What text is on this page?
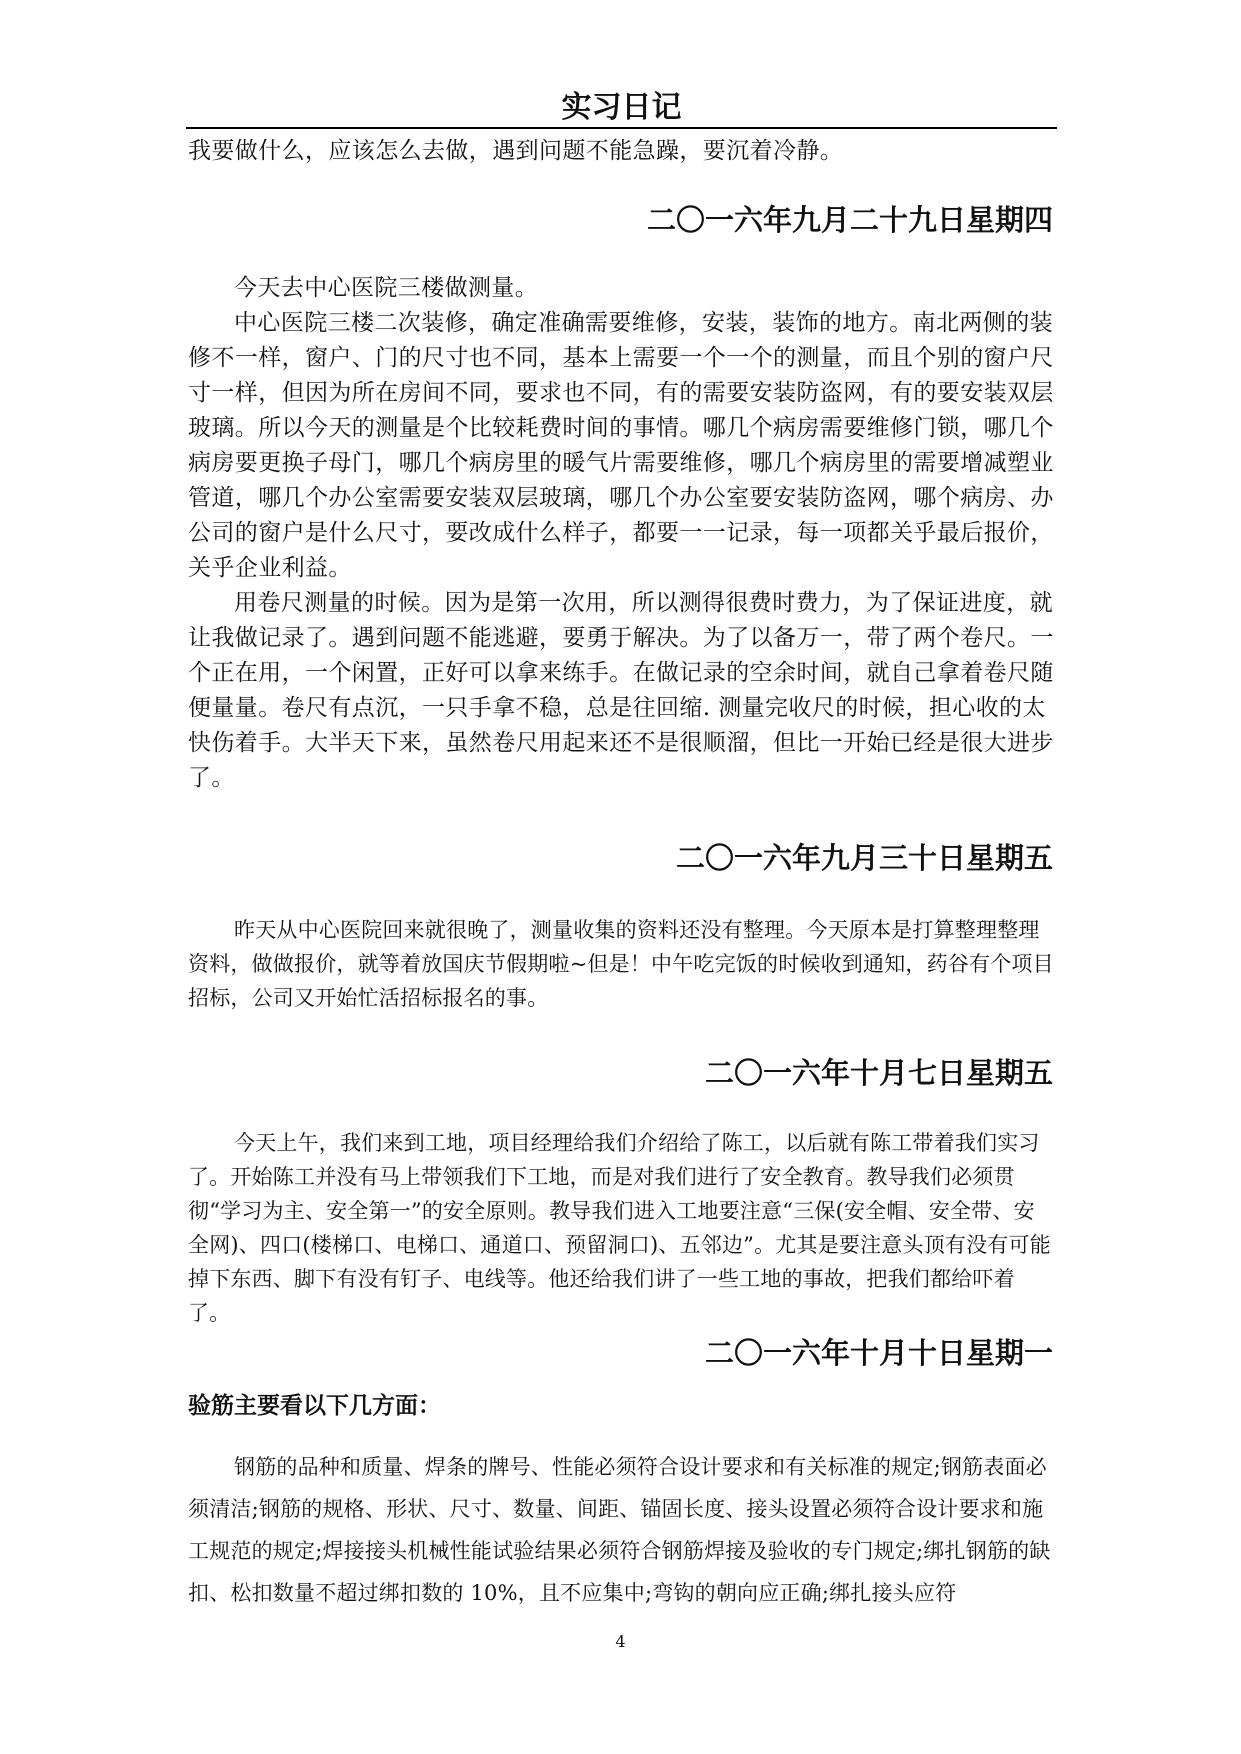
实习日记

我要做什么，应该怎么去做，遇到问题不能急躁，要沉着冷静。

二〇一六年九月二十九日星期四

今天去中心医院三楼做测量。

中心医院三楼二次装修，确定准确需要维修，安装，装饰的地方。南北两侧的装修不一样，窗户、门的尺寸也不同，基本上需要一个一个的测量，而且个别的窗户尺寸一样，但因为所在房间不同，要求也不同，有的需要安装防盗网，有的要安装双层玻璃。所以今天的测量是个比较耗费时间的事情。哪几个病房需要维修门锁，哪几个病房要更换子母门，哪几个病房里的暖气片需要维修，哪几个病房里的需要增减塑业管道，哪几个办公室需要安装双层玻璃，哪几个办公室要安装防盗网，哪个病房、办公司的窗户是什么尺寸，要改成什么样子，都要一一记录，每一项都关乎最后报价，关乎企业利益。

用卷尺测量的时候。因为是第一次用，所以测得很费时费力，为了保证进度，就让我做记录了。遇到问题不能逃避，要勇于解决。为了以备万一，带了两个卷尺。一个正在用，一个闲置，正好可以拿来练手。在做记录的空余时间，就自己拿着卷尺随便量量。卷尺有点沉，一只手拿不稳，总是往回缩. 测量完收尺的时候，担心收的太快伤着手。大半天下来，虽然卷尺用起来还不是很顺溜，但比一开始已经是很大进步了。

二〇一六年九月三十日星期五

昨天从中心医院回来就很晚了，测量收集的资料还没有整理。今天原本是打算整理整理资料，做做报价，就等着放国庆节假期啦~但是！中午吃完饭的时候收到通知，药谷有个项目招标，公司又开始忙活招标报名的事。

二〇一六年十月七日星期五

今天上午，我们来到工地，项目经理给我们介绍给了陈工，以后就有陈工带着我们实习了。开始陈工并没有马上带领我们下工地，而是对我们进行了安全教育。教导我们必须贯彻“学习为主、安全第一”的安全原则。教导我们进入工地要注意“三保(安全帽、安全带、安全网)、四口(楼梯口、电梯口、通道口、预留洞口)、五邻边”。尤其是要注意头顶有没有可能掉下东西、脚下有没有钉子、电线等。他还给我们讲了一些工地的事故，把我们都给吓着了。

二〇一六年十月十日星期一
验筋主要看以下几方面：

钢筋的品种和质量、焊条的牌号、性能必须符合设计要求和有关标准的规定;钢筋表面必须清洁;钢筋的规格、形状、尺寸、数量、间距、锚固长度、接头设置必须符合设计要求和施工规范的规定;焊接接头机械性能试验结果必须符合钢筋焊接及验收的专门规定;绑扎钢筋的缺扣、松扣数量不超过绑扣数的 10%，且不应集中;弯钩的朝向应正确;绑扎接头应符

4
